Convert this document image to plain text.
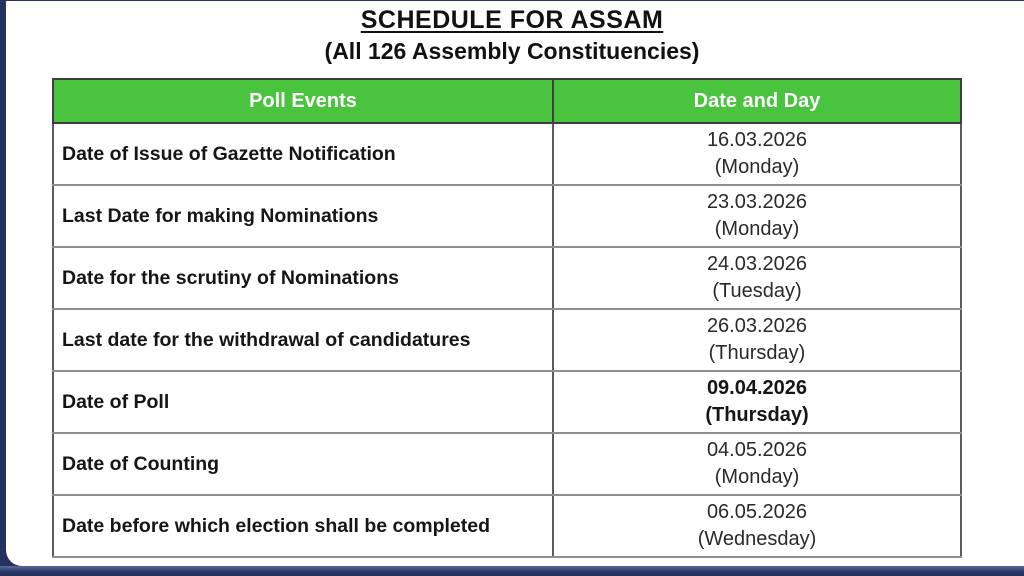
SCHEDULE FOR ASSAM
(All 126 Assembly Constituencies)
Poll Events	Date and Day
Date of Issue of Gazette Notification	16.03.2026
(Monday)

Last Date for making Nominations	23.03.2026
(Monday)

Date for the scrutiny of Nominations	24.03.2026
(Tuesday)

Last date for the withdrawal of candidatures	26.03.2026
(Thursday)

Date of Poll	09.04.2026
(Thursday)

Date of Counting	04.05.2026
(Monday)

Date before which election shall be completed	06.05.2026
(Wednesday)
